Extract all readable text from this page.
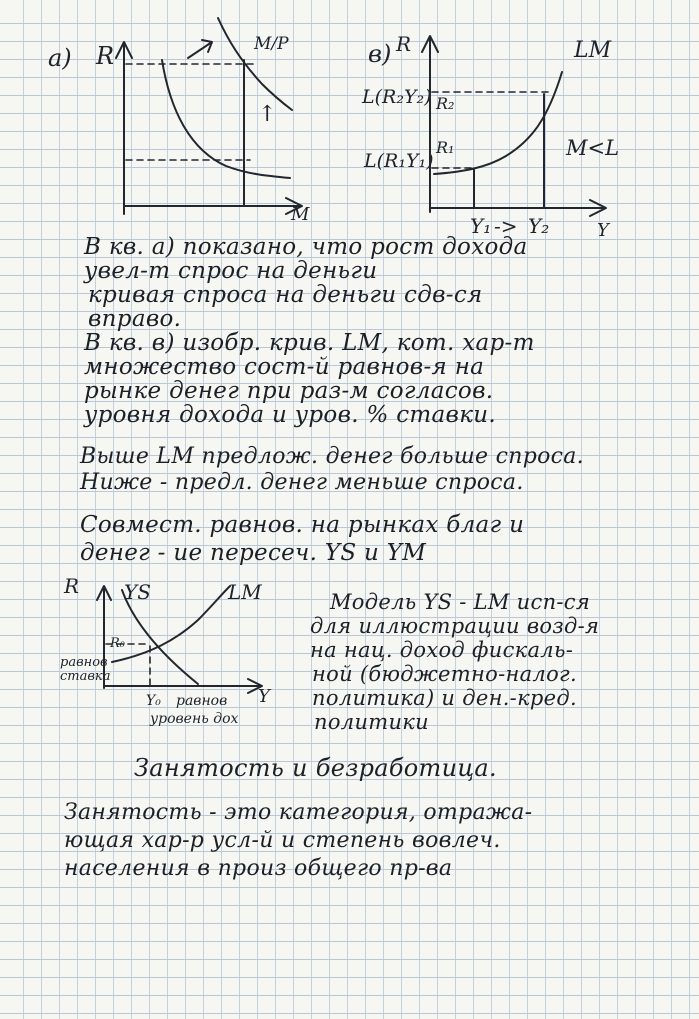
a) R	M/P
↑
M
в) R	LM
L(R₂Y₂) R₂
R₁
L(R₁Y₁)
M<L
Y₁ -> Y₂	Y
В кв. а) показано, что рост дохода
увел-т спрос на деньги
кривая спроса на деньги сдв-ся
вправо.
В кв. в) изобр. крив. LM, кот. хар-т
множество сост-й равнов-я на
рынке денег при раз-м согласов.
уровня дохода и уров. % ставки.
Выше LM предлож. денег больше спроса.
Ниже - предл. денег меньше спроса.
Совмест. равнов. на рынках благ и
денег - ие пересеч. YS и YM
R YS	LM
R₀
равнов
ставка
Y₀ равнов
уровень дох
Y
Модель YS - LM исп-ся
для иллюстрации возд-я
на нац. доход фискаль-
ной (бюджетно-налог.
политика) и ден.-кред.
политики
Занятость и безработица.
Занятость - это категория, отража-
ющая хар-р усл-й и степень вовлеч.
населения в произ общего пр-ва
